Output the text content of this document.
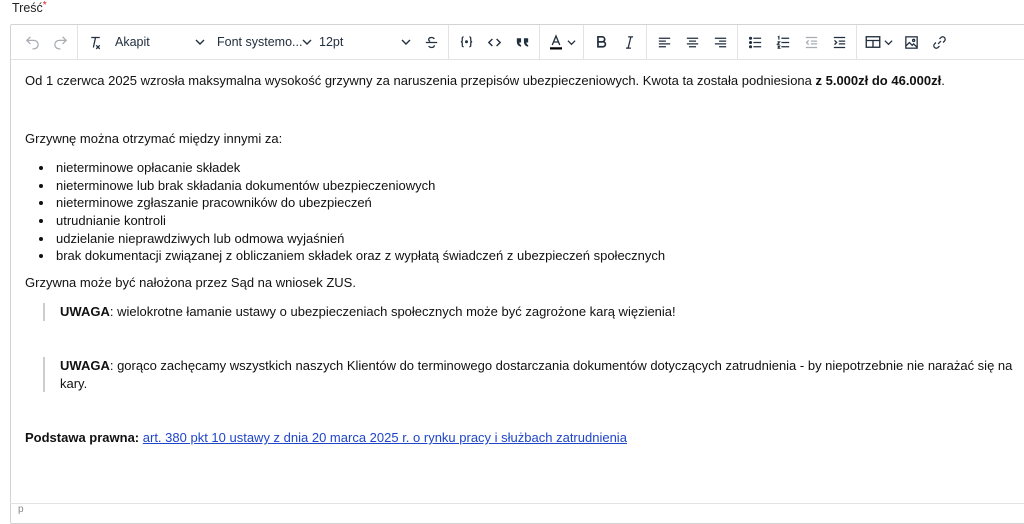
Treść*
Akapit	Font systemo... 12pt

Od 1 czerwca 2025 wzrosła maksymalna wysokość grzywny za naruszenia przepisów ubezpieczeniowych. Kwota ta została podniesiona z 5.000zł do 46.000zł.

Grzywnę można otrzymać między innymi za:

• nieterminowe opłacanie składek
• nieterminowe lub brak składania dokumentów ubezpieczeniowych
• nieterminowe zgłaszanie pracowników do ubezpieczeń
• utrudnianie kontroli
• udzielanie nieprawdziwych lub odmowa wyjaśnień
• brak dokumentacji związanej z obliczaniem składek oraz z wypłatą świadczeń z ubezpieczeń społecznych

Grzywna może być nałożona przez Sąd na wniosek ZUS.

UWAGA: wielokrotne łamanie ustawy o ubezpieczeniach społecznych może być zagrożone karą więzienia!
UWAGA: gorąco zachęcamy wszystkich naszych Klientów do terminowego dostarczania dokumentów dotyczących zatrudnienia - by niepotrzebnie nie narażać się na kary.

Podstawa prawna: art. 380 pkt 10 ustawy z dnia 20 marca 2025 r. o rynku pracy i służbach zatrudnienia

p
